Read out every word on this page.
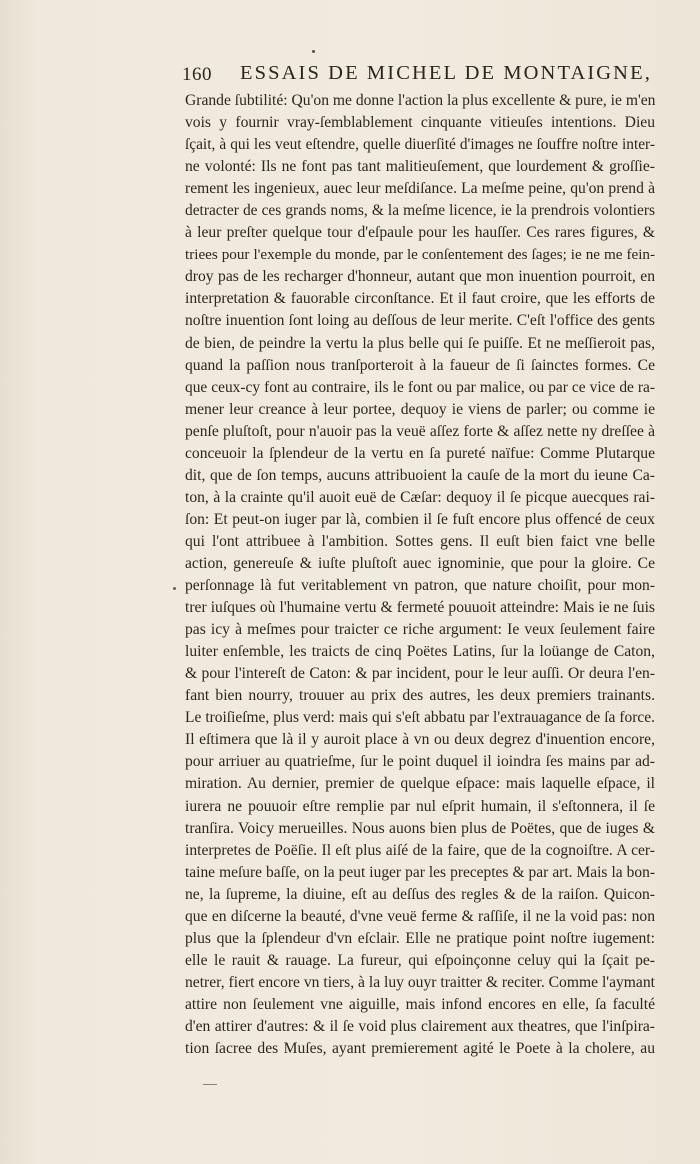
160 ESSAIS DE MICHEL DE MONTAIGNE,
Grande ſubtilité: Qu'on me donne l'action la plus excellente & pure, ie m'en
vois y fournir vray-ſemblablement cinquante vitieuſes intentions. Dieu
ſçait, à qui les veut eſtendre, quelle diuerſité d'images ne ſouffre noſtre inter-
ne volonté: Ils ne font pas tant malitieuſement, que lourdement & groſſie-
rement les ingenieux, auec leur meſdiſance. La meſme peine, qu'on prend à
detracter de ces grands noms, & la meſme licence, ie la prendrois volontiers
à leur preſter quelque tour d'eſpaule pour les hauſſer. Ces rares figures, &
triees pour l'exemple du monde, par le conſentement des ſages; ie ne me fein-
droy pas de les recharger d'honneur, autant que mon inuention pourroit, en
interpretation & fauorable circonſtance. Et il faut croire, que les efforts de
noſtre inuention ſont loing au deſſous de leur merite. C'eſt l'office des gents
de bien, de peindre la vertu la plus belle qui ſe puiſſe. Et ne meſſieroit pas,
quand la paſſion nous tranſporteroit à la faueur de ſi ſainctes formes. Ce
que ceux-cy font au contraire, ils le font ou par malice, ou par ce vice de ra-
mener leur creance à leur portee, dequoy ie viens de parler; ou comme ie
penſe pluſtoſt, pour n'auoir pas la veuë aſſez forte & aſſez nette ny dreſſee à
conceuoir la ſplendeur de la vertu en ſa pureté naïfue: Comme Plutarque
dit, que de ſon temps, aucuns attribuoient la cauſe de la mort du ieune Ca-
ton, à la crainte qu'il auoit euë de Cæſar: dequoy il ſe picque auecques rai-
ſon: Et peut-on iuger par là, combien il ſe fuſt encore plus offencé de ceux
qui l'ont attribuee à l'ambition. Sottes gens. Il euſt bien faict vne belle
action, genereuſe & iuſte pluſtoſt auec ignominie, que pour la gloire. Ce
perſonnage là fut veritablement vn patron, que nature choiſit, pour mon-
trer iuſques où l'humaine vertu & fermeté pouuoit atteindre: Mais ie ne ſuis
pas icy à meſmes pour traicter ce riche argument: Ie veux ſeulement faire
luiter enſemble, les traicts de cinq Poëtes Latins, ſur la loüange de Caton,
& pour l'intereſt de Caton: & par incident, pour le leur auſſi. Or deura l'en-
fant bien nourry, trouuer au prix des autres, les deux premiers trainants.
Le troiſieſme, plus verd: mais qui s'eſt abbatu par l'extrauagance de ſa force.
Il eſtimera que là il y auroit place à vn ou deux degrez d'inuention encore,
pour arriuer au quatrieſme, ſur le point duquel il ioindra ſes mains par ad-
miration. Au dernier, premier de quelque eſpace: mais laquelle eſpace, il
iurera ne pouuoir eſtre remplie par nul eſprit humain, il s'eſtonnera, il ſe
tranſira. Voicy merueilles. Nous auons bien plus de Poëtes, que de iuges &
interpretes de Poëſie. Il eſt plus aiſé de la faire, que de la cognoiſtre. A cer-
taine meſure baſſe, on la peut iuger par les preceptes & par art. Mais la bon-
ne, la ſupreme, la diuine, eſt au deſſus des regles & de la raiſon. Quicon-
que en diſcerne la beauté, d'vne veuë ferme & raſſiſe, il ne la void pas: non
plus que la ſplendeur d'vn eſclair. Elle ne pratique point noſtre iugement:
elle le rauit & rauage. La fureur, qui eſpoinçonne celuy qui la ſçait pe-
netrer, fiert encore vn tiers, à la luy ouyr traitter & reciter. Comme l'aymant
attire non ſeulement vne aiguille, mais infond encores en elle, ſa faculté
d'en attirer d'autres: & il ſe void plus clairement aux theatres, que l'inſpira-
tion ſacree des Muſes, ayant premierement agité le Poete à la cholere, au
